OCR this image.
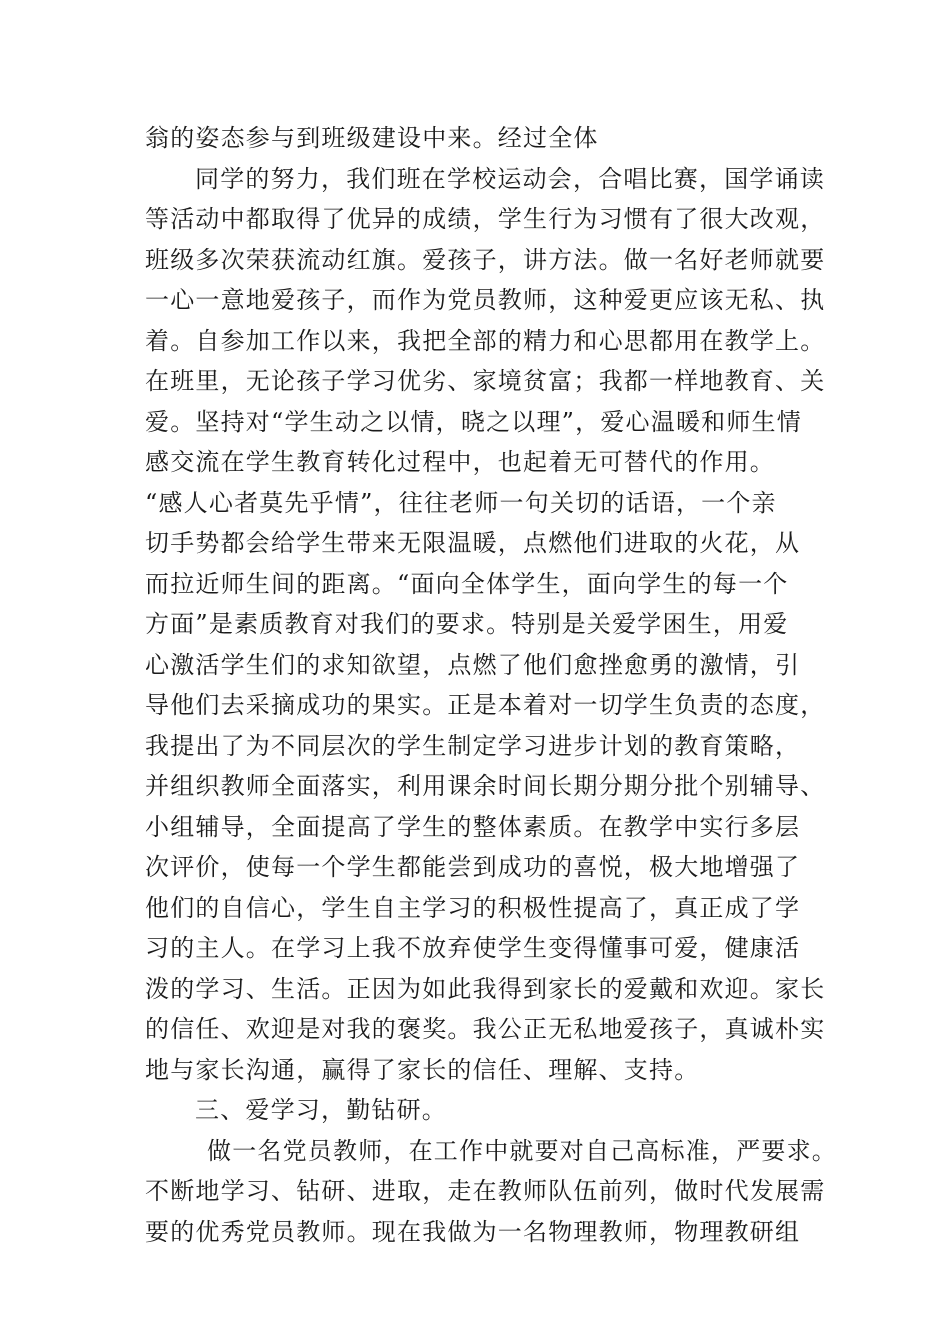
翁的姿态参与到班级建设中来。经过全体
同学的努力，我们班在学校运动会，合唱比赛，国学诵读
等活动中都取得了优异的成绩，学生行为习惯有了很大改观，
班级多次荣获流动红旗。爱孩子，讲方法。做一名好老师就要
一心一意地爱孩子，而作为党员教师，这种爱更应该无私、执
着。自参加工作以来，我把全部的精力和心思都用在教学上。
在班里，无论孩子学习优劣、家境贫富；我都一样地教育、关
爱。坚持对“学生动之以情，晓之以理”，爱心温暖和师生情
感交流在学生教育转化过程中，也起着无可替代的作用。
“感人心者莫先乎情”，往往老师一句关切的话语，一个亲
切手势都会给学生带来无限温暖，点燃他们进取的火花，从
而拉近师生间的距离。“面向全体学生，面向学生的每一个
方面”是素质教育对我们的要求。特别是关爱学困生，用爱
心激活学生们的求知欲望，点燃了他们愈挫愈勇的激情，引
导他们去采摘成功的果实。正是本着对一切学生负责的态度，
我提出了为不同层次的学生制定学习进步计划的教育策略，
并组织教师全面落实，利用课余时间长期分期分批个别辅导、
小组辅导，全面提高了学生的整体素质。在教学中实行多层
次评价，使每一个学生都能尝到成功的喜悦，极大地增强了
他们的自信心，学生自主学习的积极性提高了，真正成了学
习的主人。在学习上我不放弃使学生变得懂事可爱，健康活
泼的学习、生活。正因为如此我得到家长的爱戴和欢迎。家长
的信任、欢迎是对我的褒奖。我公正无私地爱孩子，真诚朴实
地与家长沟通，赢得了家长的信任、理解、支持。
三、爱学习，勤钻研。
做一名党员教师，在工作中就要对自己高标准，严要求。
不断地学习、钻研、进取，走在教师队伍前列，做时代发展需
要的优秀党员教师。现在我做为一名物理教师，物理教研组
